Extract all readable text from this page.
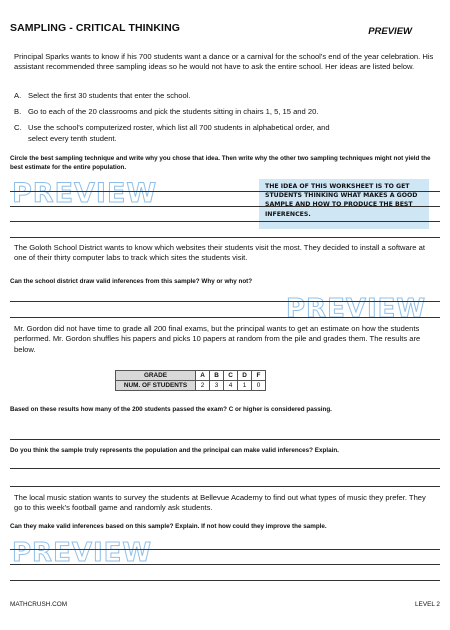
SAMPLING - CRITICAL THINKING	PREVIEW
Principal Sparks wants to know if his 700 students want a dance or a carnival for the school's end of the year celebration. His assistant recommended three sampling ideas so he would not have to ask the entire school. Her ideas are listed below.
A. Select the first 30 students that enter the school.
B. Go to each of the 20 classrooms and pick the students sitting in chairs 1, 5, 15 and 20.
C. Use the school's computerized roster, which list all 700 students in alphabetical order, and
select every tenth student.
Circle the best sampling technique and write why you chose that idea. Then write why the other two sampling techniques might not yield the best estimate for the entire population.
PREVIEW	THE IDEA OF THIS WORKSHEET IS TO GET STUDENTS THINKING WHAT MAKES A GOOD SAMPLE AND HOW TO PRODUCE THE BEST INFERENCES.
The Goloth School District wants to know which websites their students visit the most. They decided to install a software at one of their thirty computer labs to track which sites the students visit.
Can the school district draw valid inferences from this sample? Why or why not?
PREVIEW
Mr. Gordon did not have time to grade all 200 final exams, but the principal wants to get an estimate on how the students performed. Mr. Gordon shuffles his papers and picks 10 papers at random from the pile and grades them. The results are below.
GRADE	A	B	C	D	F
NUM. OF STUDENTS	2	3	4	1	0
Based on these results how many of the 200 students passed the exam? C or higher is considered passing.
Do you think the sample truly represents the population and the principal can make valid inferences? Explain.
The local music station wants to survey the students at Bellevue Academy to find out what types of music they prefer. They go to this week's football game and randomly ask students.
Can they make valid inferences based on this sample? Explain. If not how could they improve the sample.
PREVIEW
MATHCRUSH.COM	LEVEL 2
